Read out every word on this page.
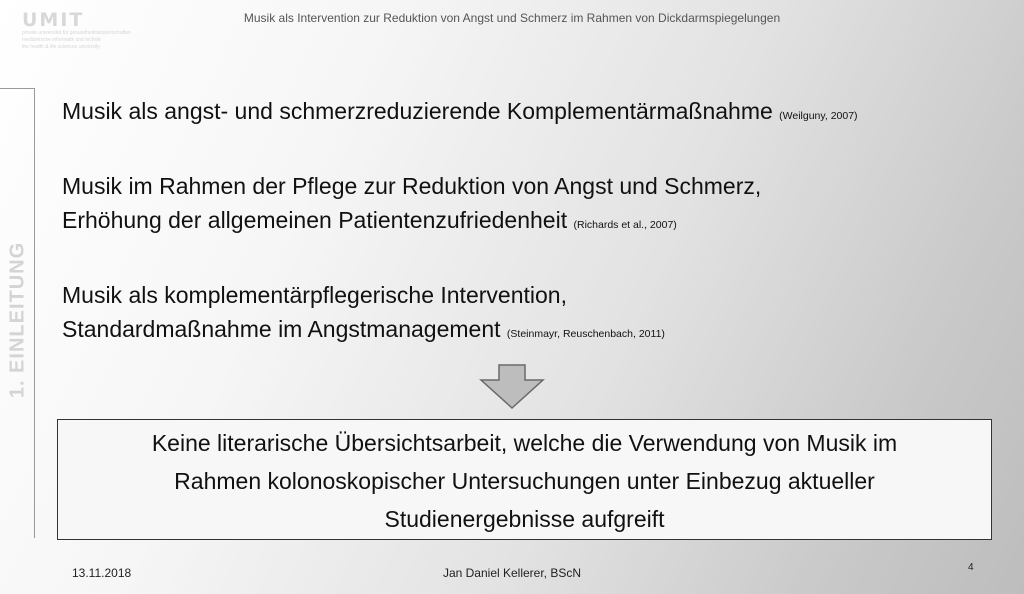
UMIT
private universität für gesundheitswissenschaften
medizinische informatik und technik
the health & life sciences university
Musik als Intervention zur Reduktion von Angst und Schmerz im Rahmen von Dickdarmspiegelungen
1. EINLEITUNG

Musik als angst- und schmerzreduzierende Komplementärmaßnahme (Weilguny, 2007)

Musik im Rahmen der Pflege zur Reduktion von Angst und Schmerz,
Erhöhung der allgemeinen Patientenzufriedenheit (Richards et al., 2007)

Musik als komplementärpflegerische Intervention,
Standardmaßnahme im Angstmanagement (Steinmayr, Reuschenbach, 2011)

Keine literarische Übersichtsarbeit, welche die Verwendung von Musik im
Rahmen kolonoskopischer Untersuchungen unter Einbezug aktueller
Studienergebnisse aufgreift
13.11.2018	Jan Daniel Kellerer, BScN	4
